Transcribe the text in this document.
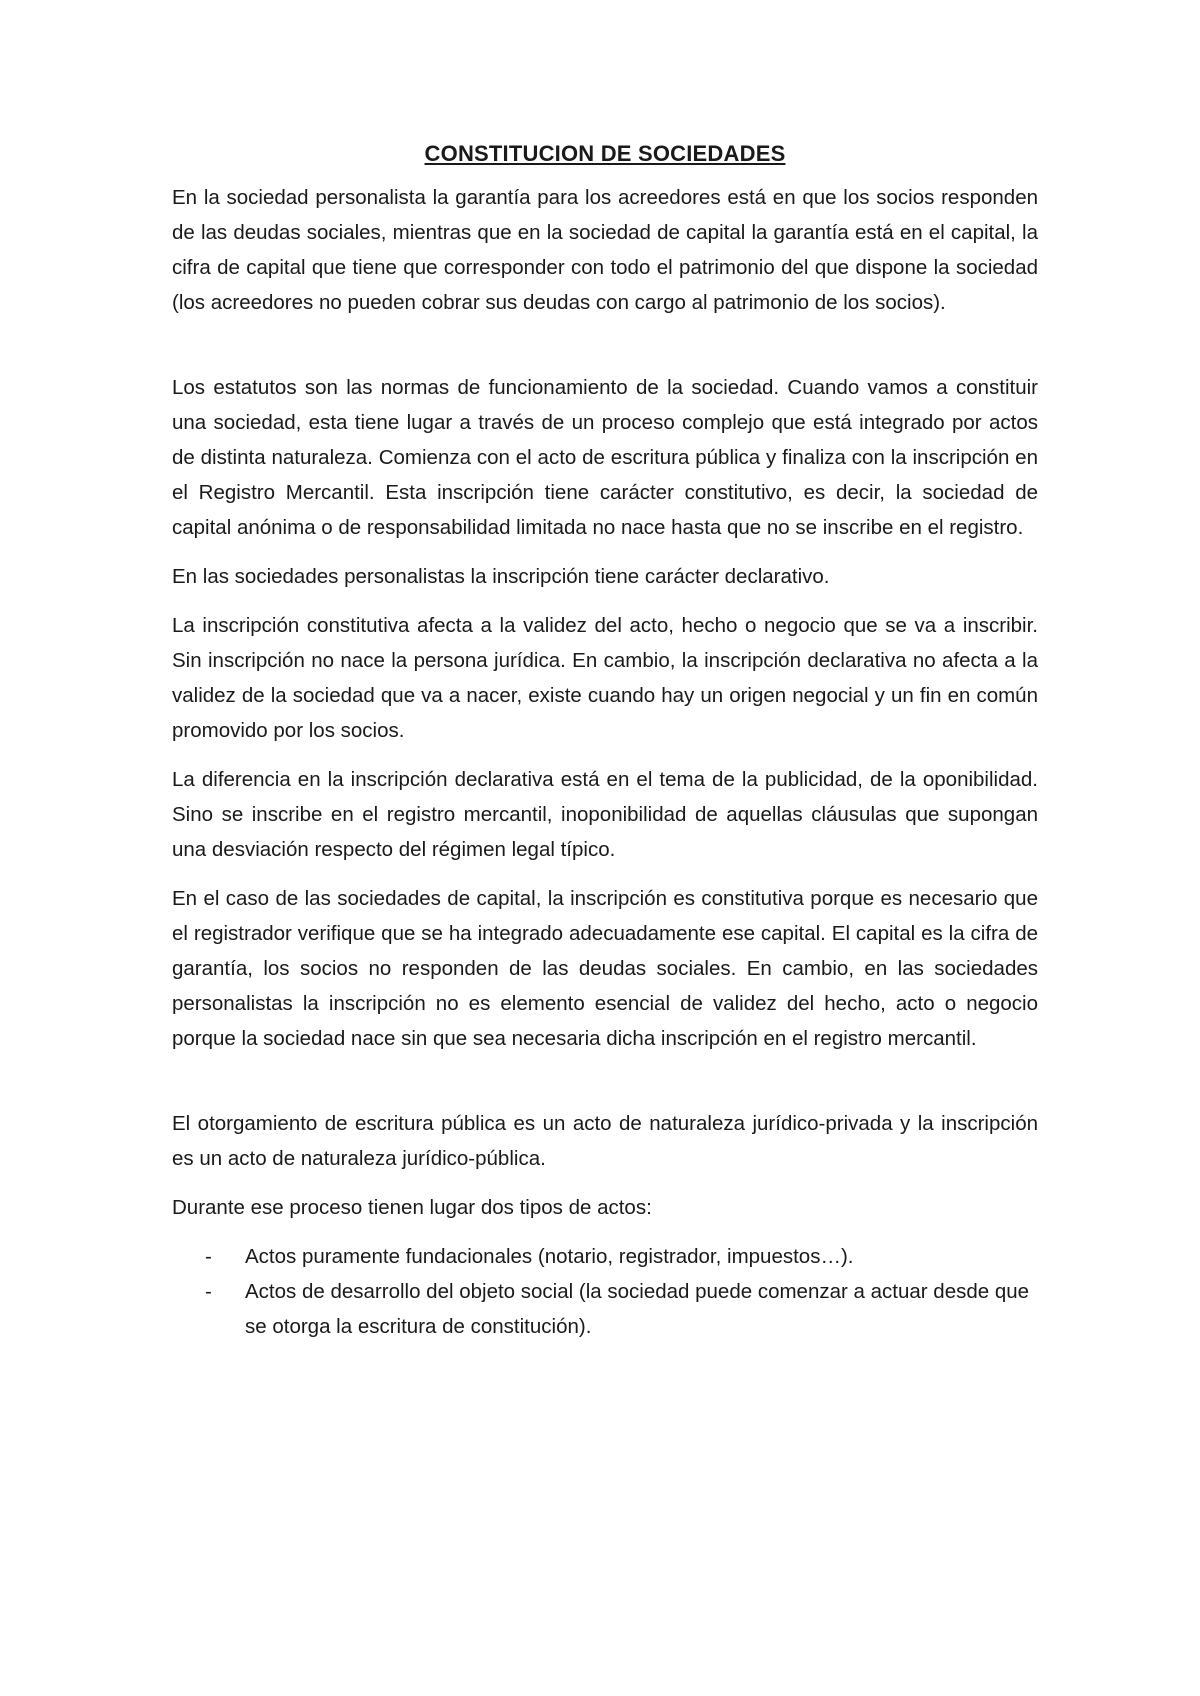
CONSTITUCION DE SOCIEDADES

En la sociedad personalista la garantía para los acreedores está en que los socios responden de las deudas sociales, mientras que en la sociedad de capital la garantía está en el capital, la cifra de capital que tiene que corresponder con todo el patrimonio del que dispone la sociedad (los acreedores no pueden cobrar sus deudas con cargo al patrimonio de los socios).

Los estatutos son las normas de funcionamiento de la sociedad. Cuando vamos a constituir una sociedad, esta tiene lugar a través de un proceso complejo que está integrado por actos de distinta naturaleza. Comienza con el acto de escritura pública y finaliza con la inscripción en el Registro Mercantil. Esta inscripción tiene carácter constitutivo, es decir, la sociedad de capital anónima o de responsabilidad limitada no nace hasta que no se inscribe en el registro.

En las sociedades personalistas la inscripción tiene carácter declarativo.

La inscripción constitutiva afecta a la validez del acto, hecho o negocio que se va a inscribir. Sin inscripción no nace la persona jurídica. En cambio, la inscripción declarativa no afecta a la validez de la sociedad que va a nacer, existe cuando hay un origen negocial y un fin en común promovido por los socios.

La diferencia en la inscripción declarativa está en el tema de la publicidad, de la oponibilidad. Sino se inscribe en el registro mercantil, inoponibilidad de aquellas cláusulas que supongan una desviación respecto del régimen legal típico.

En el caso de las sociedades de capital, la inscripción es constitutiva porque es necesario que el registrador verifique que se ha integrado adecuadamente ese capital. El capital es la cifra de garantía, los socios no responden de las deudas sociales. En cambio, en las sociedades personalistas la inscripción no es elemento esencial de validez del hecho, acto o negocio porque la sociedad nace sin que sea necesaria dicha inscripción en el registro mercantil.

El otorgamiento de escritura pública es un acto de naturaleza jurídico-privada y la inscripción es un acto de naturaleza jurídico-pública.

Durante ese proceso tienen lugar dos tipos de actos:

- Actos puramente fundacionales (notario, registrador, impuestos…).
- Actos de desarrollo del objeto social (la sociedad puede comenzar a actuar desde que se otorga la escritura de constitución).
